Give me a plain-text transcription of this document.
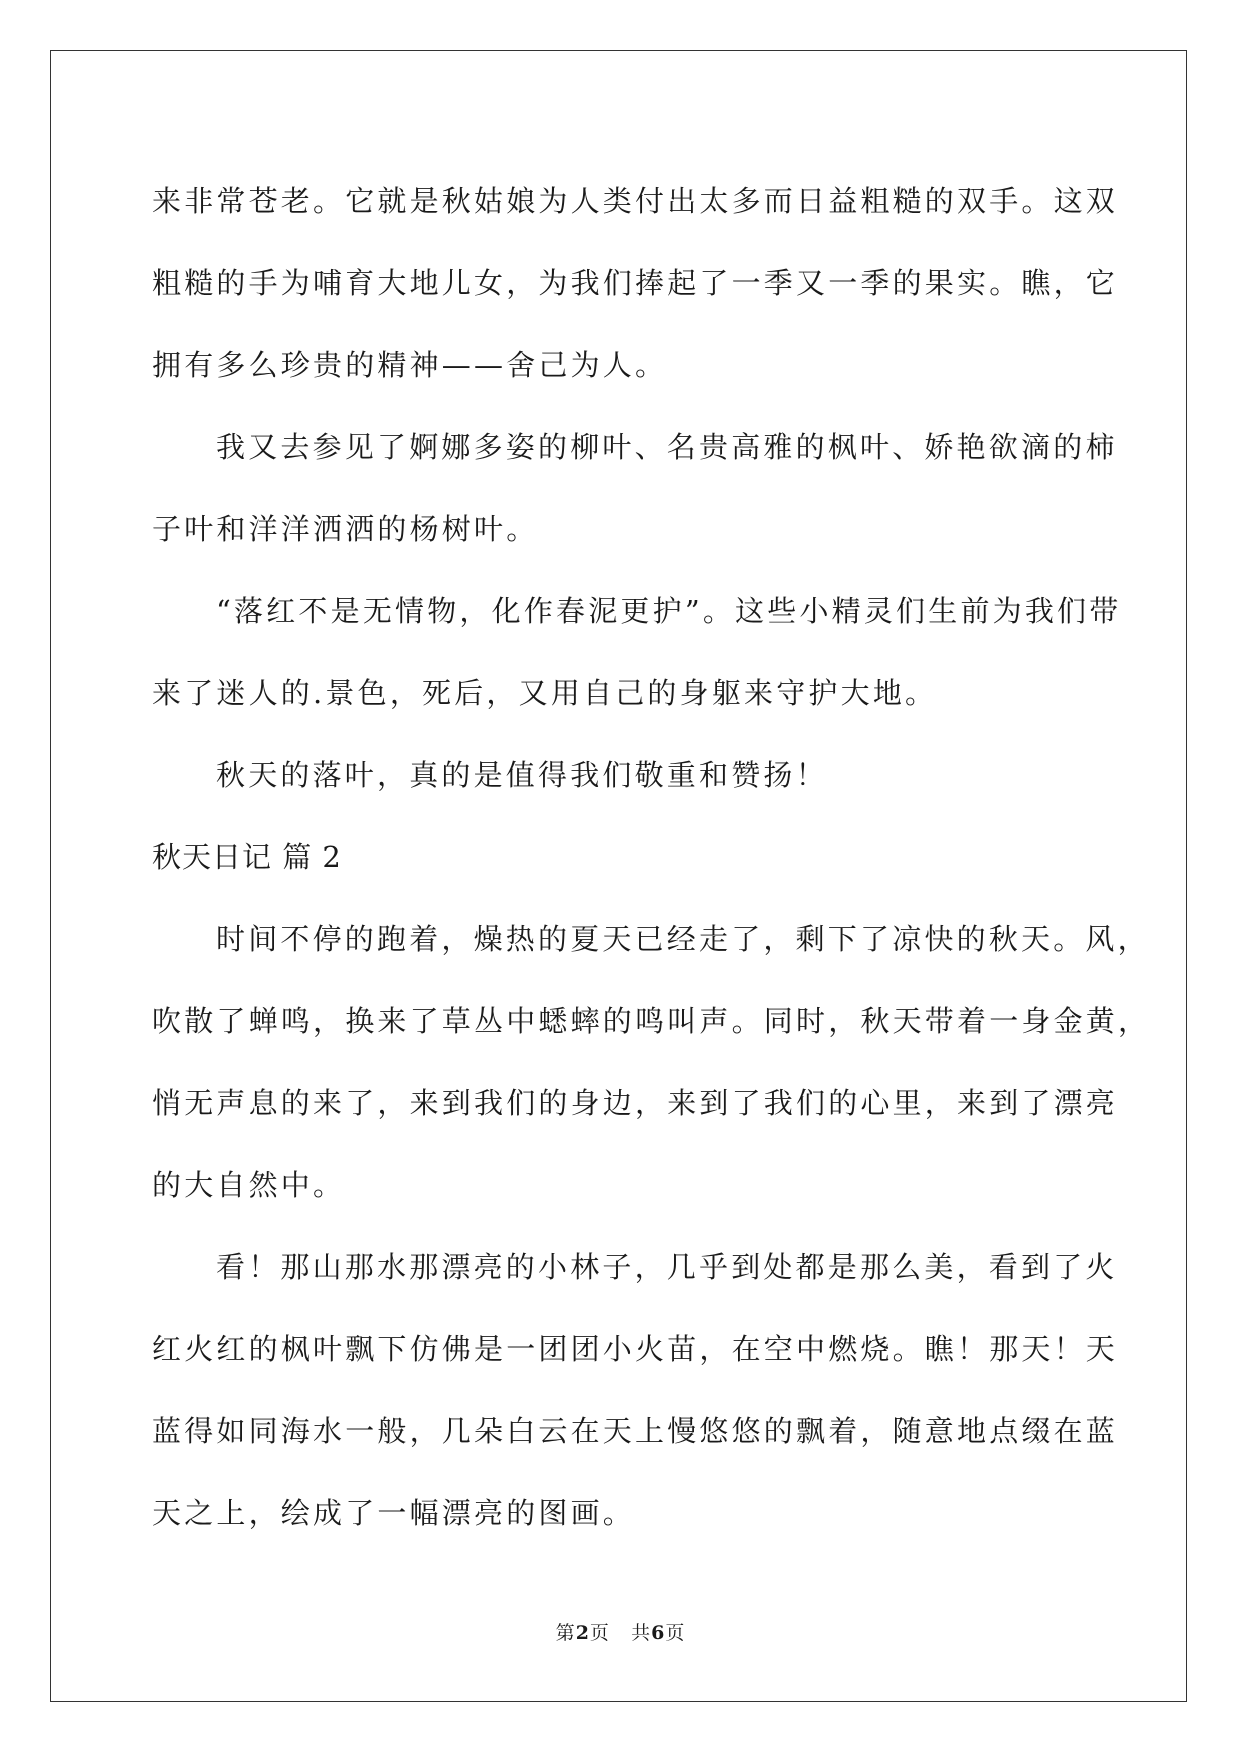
来非常苍老。它就是秋姑娘为人类付出太多而日益粗糙的双手。这双
粗糙的手为哺育大地儿女，为我们捧起了一季又一季的果实。瞧，它
拥有多么珍贵的精神——舍己为人。
我又去参见了婀娜多姿的柳叶、名贵高雅的枫叶、娇艳欲滴的柿
子叶和洋洋洒洒的杨树叶。
“落红不是无情物，化作春泥更护”。这些小精灵们生前为我们带
来了迷人的.景色，死后，又用自己的身躯来守护大地。
秋天的落叶，真的是值得我们敬重和赞扬！
秋天日记 篇 2
时间不停的跑着，燥热的夏天已经走了，剩下了凉快的秋天。风，
吹散了蝉鸣，换来了草丛中蟋蟀的鸣叫声。同时，秋天带着一身金黄，
悄无声息的来了，来到我们的身边，来到了我们的心里，来到了漂亮
的大自然中。
看！那山那水那漂亮的小林子，几乎到处都是那么美，看到了火
红火红的枫叶飘下仿佛是一团团小火苗，在空中燃烧。瞧！那天！天
蓝得如同海水一般，几朵白云在天上慢悠悠的飘着，随意地点缀在蓝
天之上，绘成了一幅漂亮的图画。
第2页 共6页
